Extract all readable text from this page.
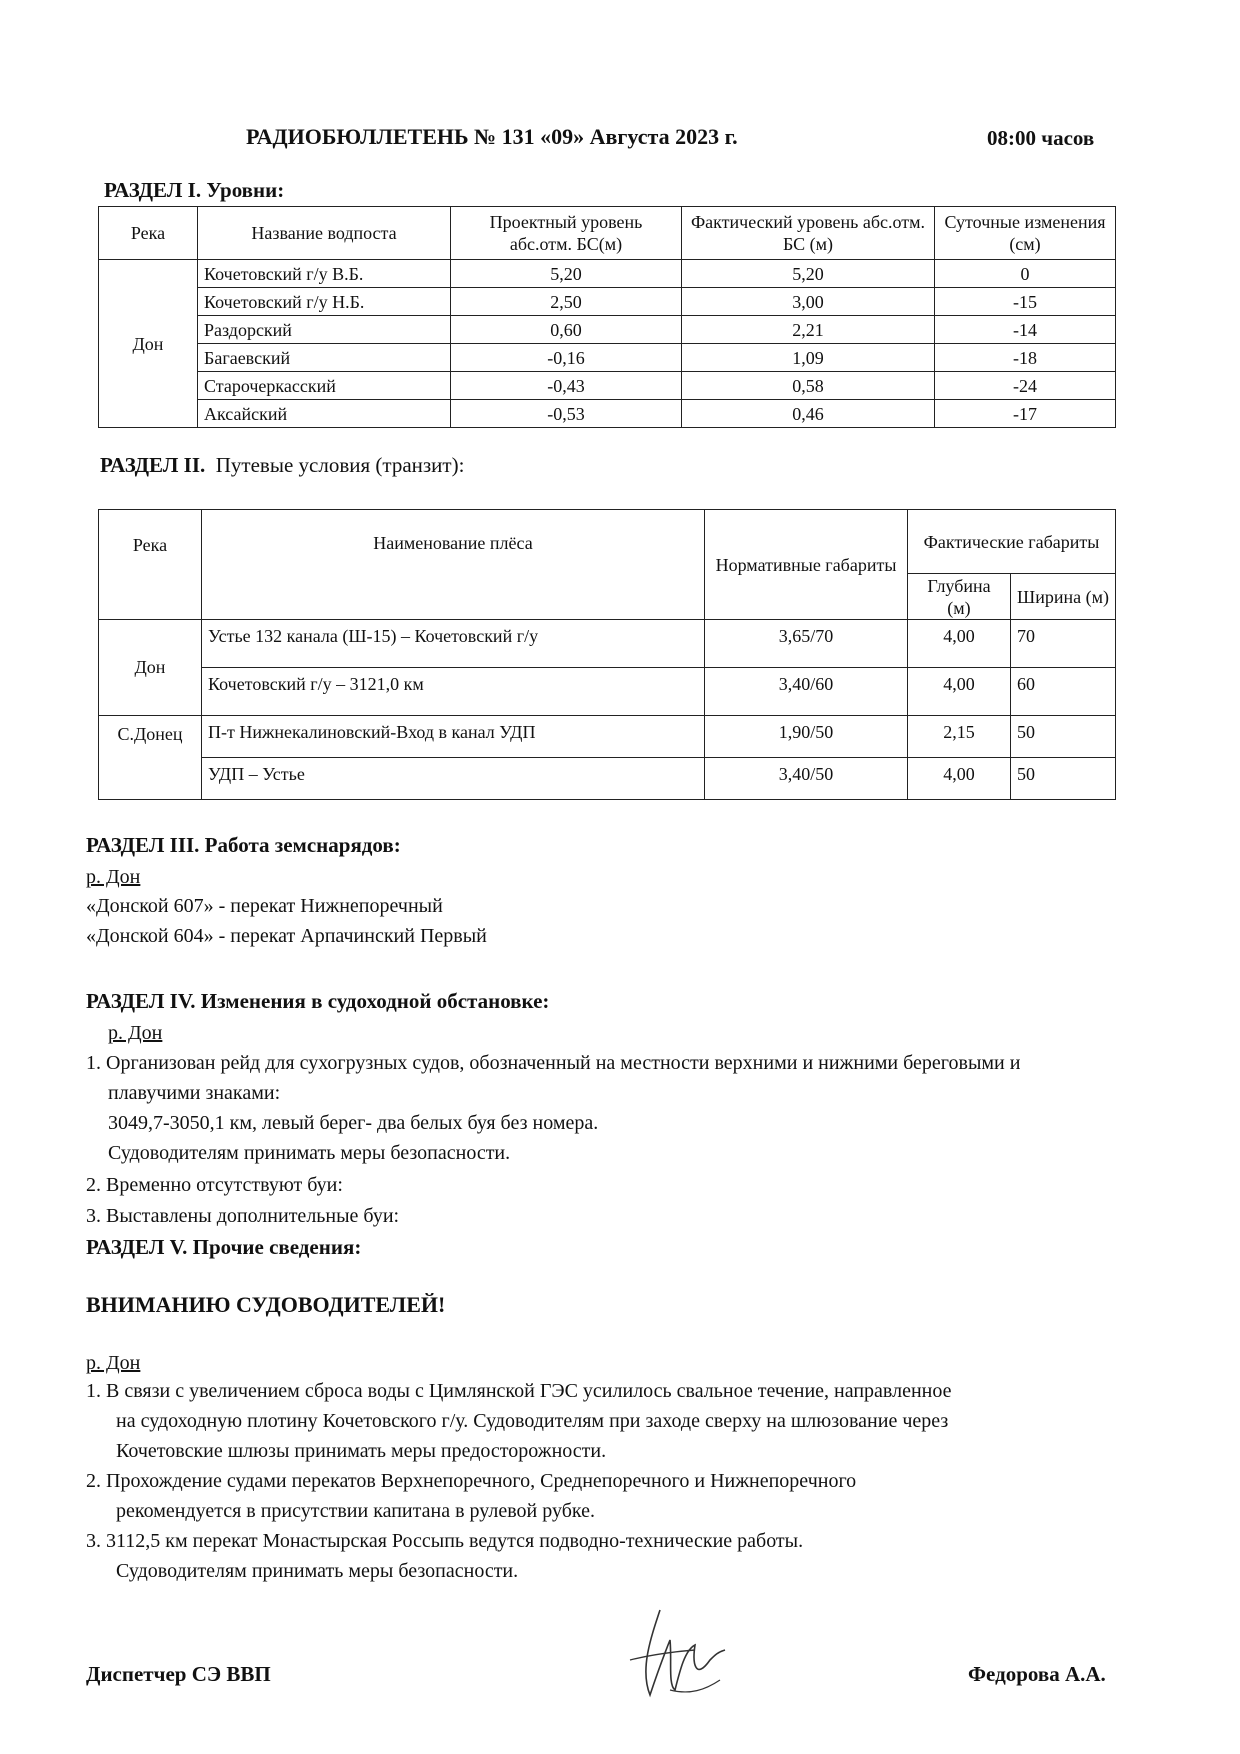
РАДИОБЮЛЛЕТЕНЬ № 131 «09» Августа 2023 г.	08:00 часов
РАЗДЕЛ I. Уровни:
Река	Название водпоста	Проектный уровень абс.отм. БС(м)	Фактический уровень абс.отм. БС (м)	Суточные изменения (см)
Дон	Кочетовский г/у В.Б.	5,20	5,20	0
	Кочетовский г/у Н.Б.	2,50	3,00	-15
	Раздорский	0,60	2,21	-14
	Багаевский	-0,16	1,09	-18
	Старочеркасский	-0,43	0,58	-24
	Аксайский	-0,53	0,46	-17
РАЗДЕЛ II. Путевые условия (транзит):
Река	Наименование плёса	Нормативные габариты	Фактические габариты	
			Глубина (м)	Ширина (м)
Дон	Устье 132 канала (Ш-15) – Кочетовский г/у	3,65/70	4,00	70
	Кочетовский г/у – 3121,0 км	3,40/60	4,00	60
С.Донец	П-т Нижнекалиновский-Вход в канал УДП	1,90/50	2,15	50
	УДП – Устье	3,40/50	4,00	50
РАЗДЕЛ III. Работа земснарядов:
р. Дон
«Донской 607» - перекат Нижнепоречный
«Донской 604» - перекат Арпачинский Первый
РАЗДЕЛ IV. Изменения в судоходной обстановке:
р. Дон
1. Организован рейд для сухогрузных судов, обозначенный на местности верхними и нижними береговыми и
плавучими знаками:
3049,7-3050,1 км, левый берег- два белых буя без номера.
Судоводителям принимать меры безопасности.
2. Временно отсутствуют буи:
3. Выставлены дополнительные буи:
РАЗДЕЛ V. Прочие сведения:
ВНИМАНИЮ СУДОВОДИТЕЛЕЙ!
р. Дон
1. В связи с увеличением сброса воды с Цимлянской ГЭС усилилось свальное течение, направленное
на судоходную плотину Кочетовского г/у. Судоводителям при заходе сверху на шлюзование через
Кочетовские шлюзы принимать меры предосторожности.
2. Прохождение судами перекатов Верхнепоречного, Среднепоречного и Нижнепоречного
рекомендуется в присутствии капитана в рулевой рубке.
3. 3112,5 км перекат Монастырская Россыпь ведутся подводно-технические работы.
Судоводителям принимать меры безопасности.
Диспетчер СЭ ВВП	Федорова А.А.
